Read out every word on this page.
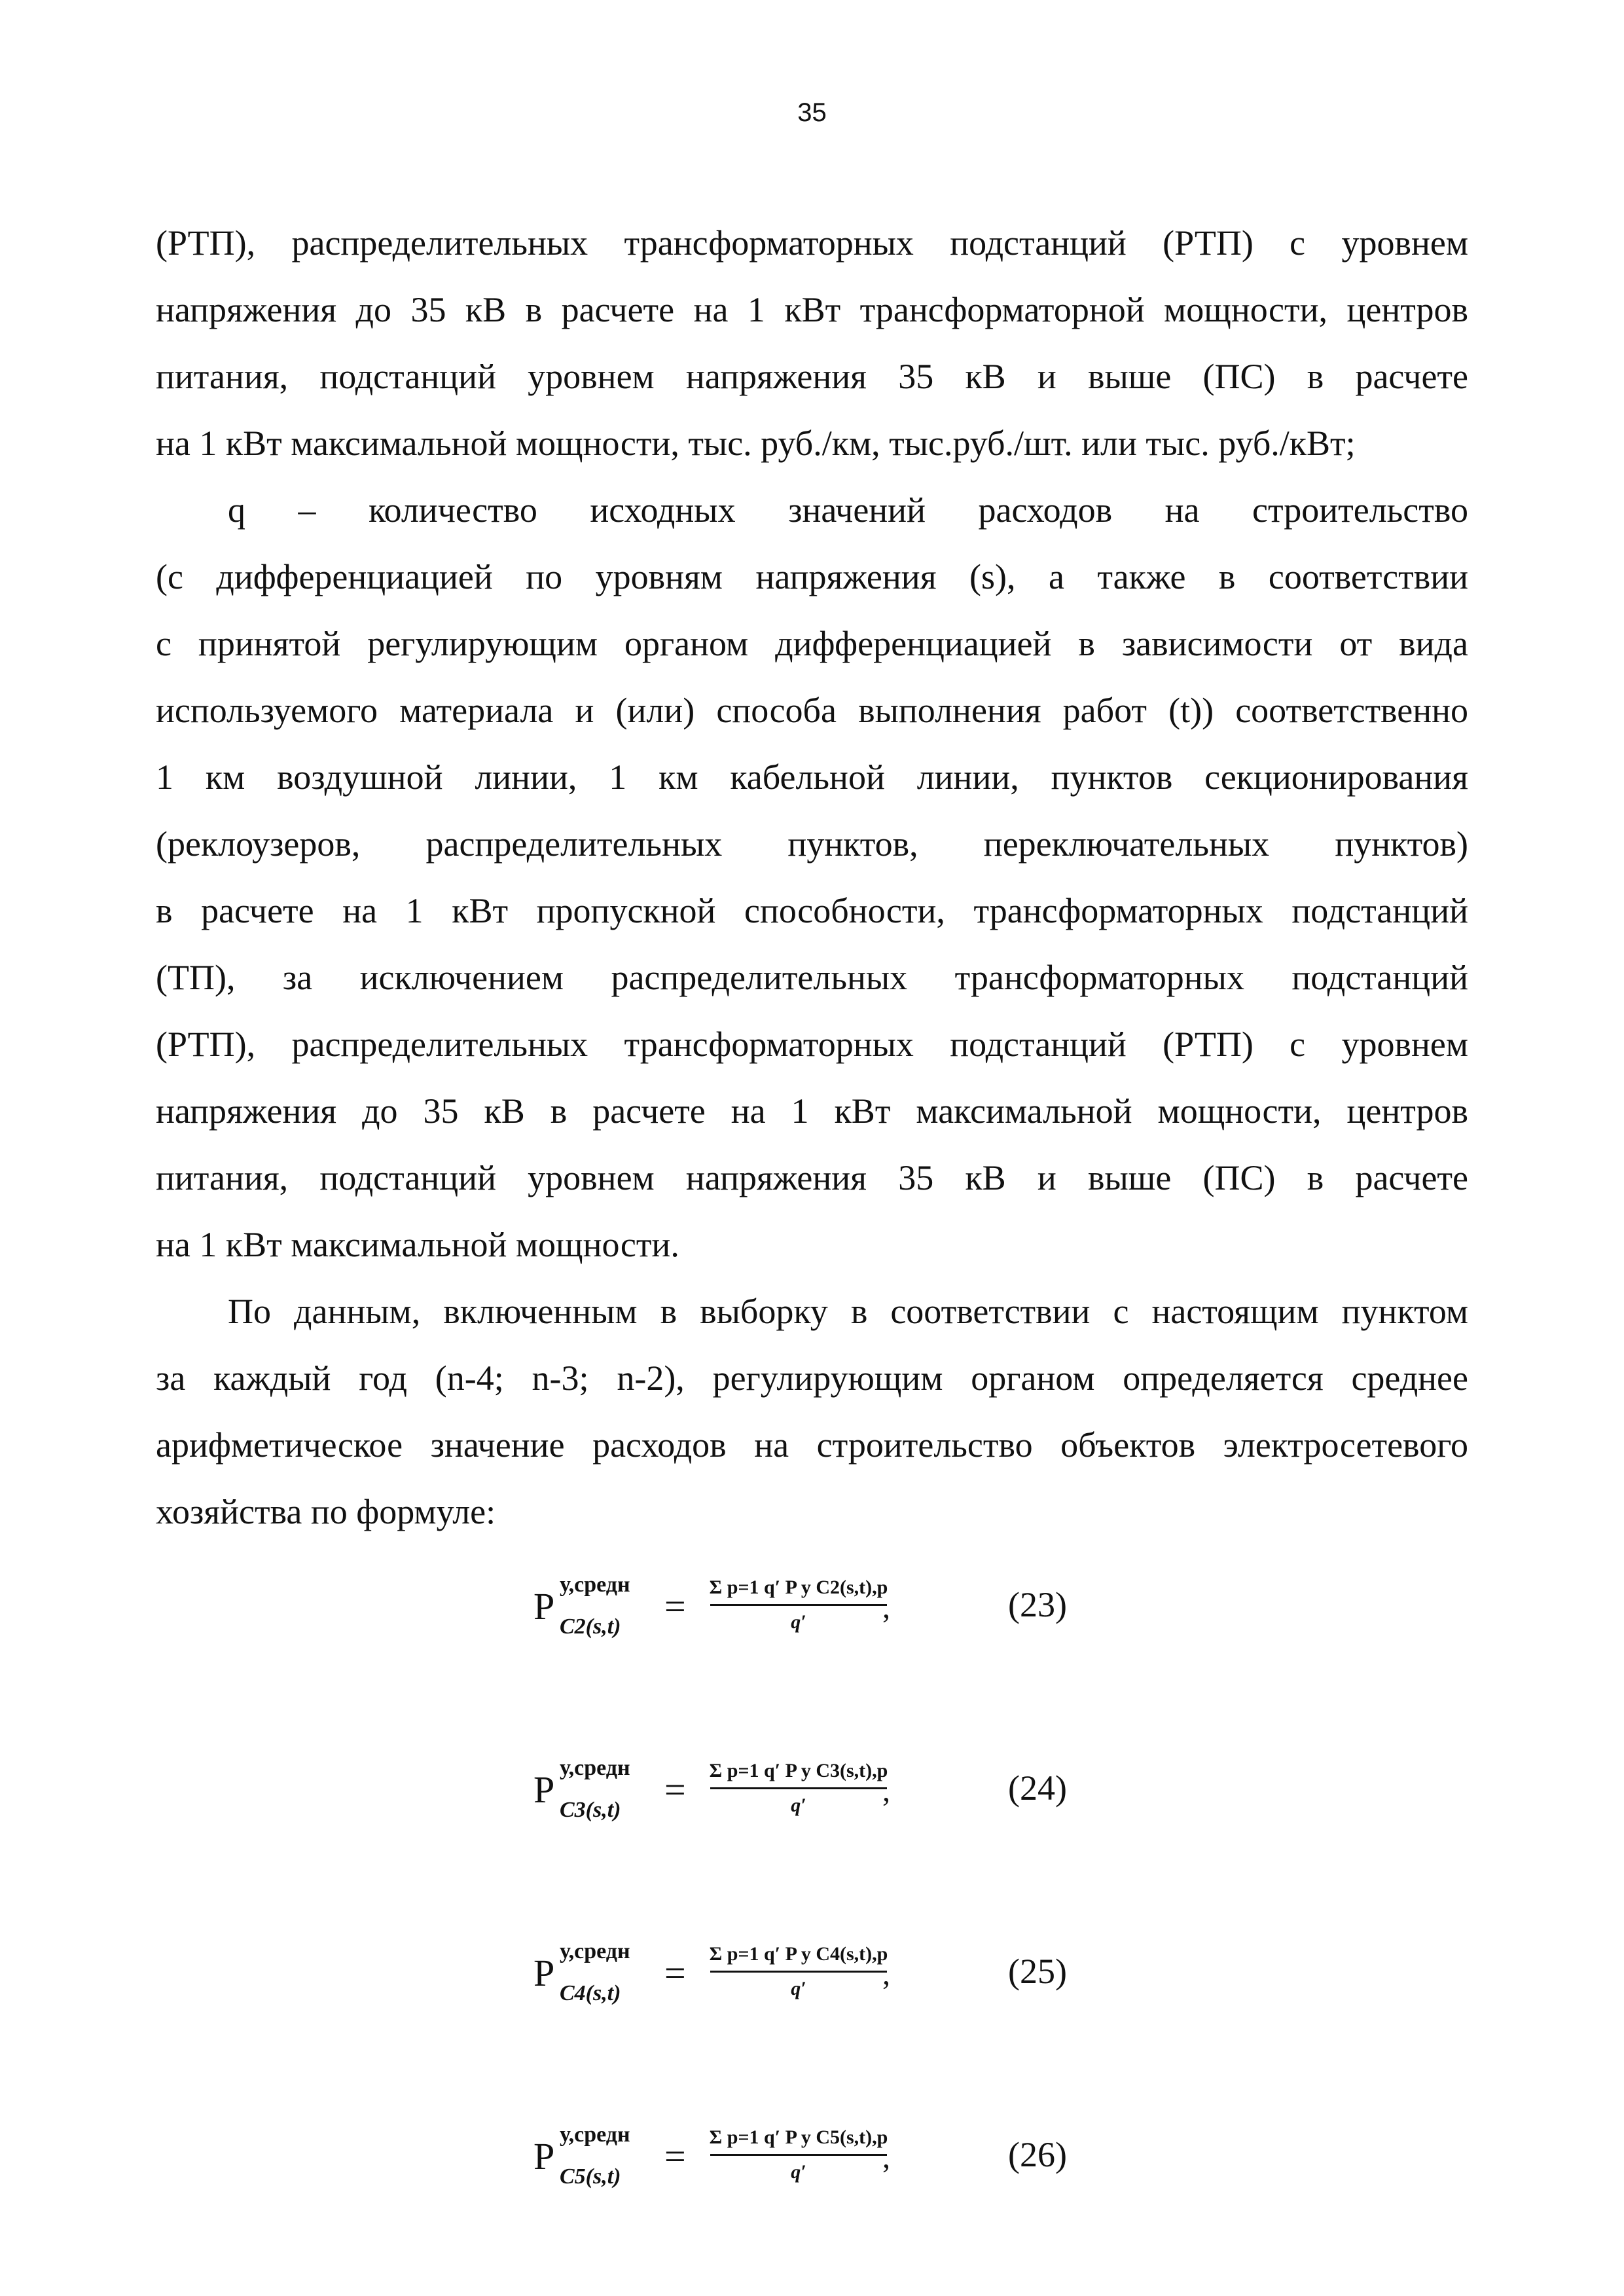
35
(РТП), распределительных трансформаторных подстанций (РТП) с уровнем
напряжения до 35 кВ в расчете на 1 кВт трансформаторной мощности, центров
питания, подстанций уровнем напряжения 35 кВ и выше (ПС) в расчете
на 1 кВт максимальной мощности, тыс. руб./км, тыс.руб./шт. или тыс. руб./кВт;
q – количество исходных значений расходов на строительство
(с дифференциацией по уровням напряжения (s), а также в соответствии
с принятой регулирующим органом дифференциацией в зависимости от вида
используемого материала и (или) способа выполнения работ (t)) соответственно
1 км воздушной линии, 1 км кабельной линии, пунктов секционирования
(реклоузеров, распределительных пунктов, переключательных пунктов)
в расчете на 1 кВт пропускной способности, трансформаторных подстанций
(ТП), за исключением распределительных трансформаторных подстанций
(РТП), распределительных трансформаторных подстанций (РТП) с уровнем
напряжения до 35 кВ в расчете на 1 кВт максимальной мощности, центров
питания, подстанций уровнем напряжения 35 кВ и выше (ПС) в расчете
на 1 кВт максимальной мощности.
По данным, включенным в выборку в соответствии с настоящим пунктом
за каждый год (n-4; n-3; n-2), регулирующим органом определяется среднее
арифметическое значение расходов на строительство объектов электросетевого
хозяйства по формуле:
P
у,средн
C2(s,t) = Σ p=1 q′ P у C2(s,t),p
q′	,	(23)
P
у,средн
C3(s,t) = Σ p=1 q′ P у C3(s,t),p
q′	,	(24)
P
у,средн
C4(s,t) = Σ p=1 q′ P у C4(s,t),p
q′	,	(25)
P
у,средн
C5(s,t) = Σ p=1 q′ P у C5(s,t),p
q′	,	(26)
